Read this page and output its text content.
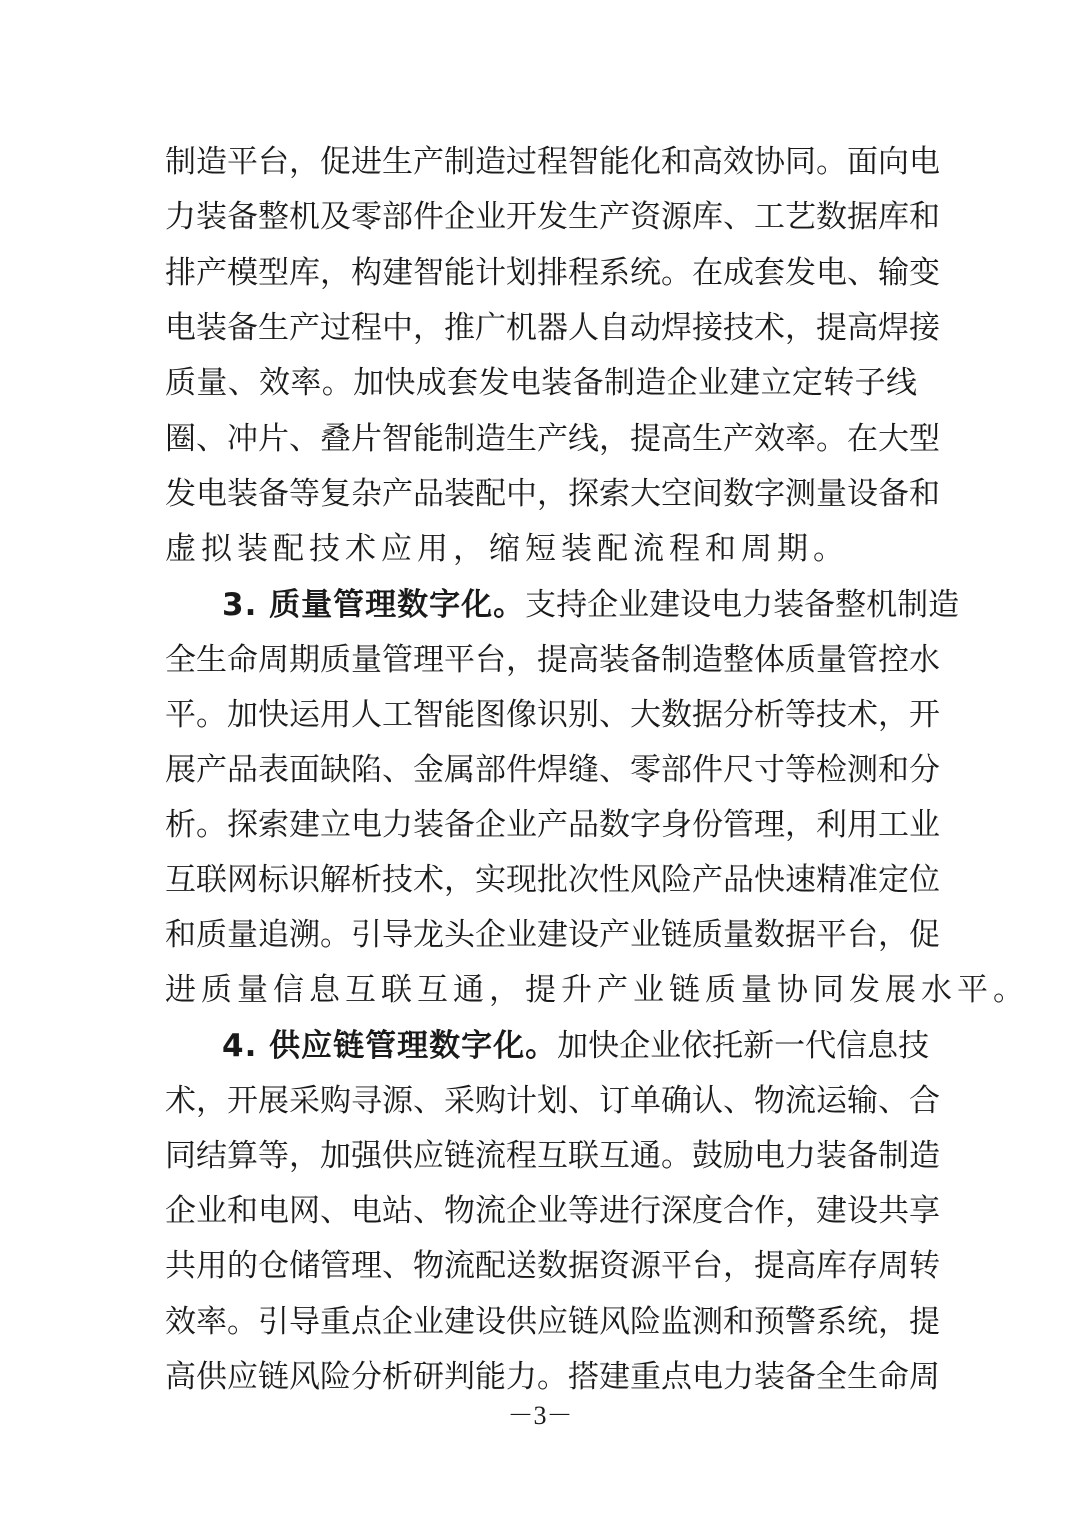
制造平台，促进生产制造过程智能化和高效协同。面向电
力装备整机及零部件企业开发生产资源库、工艺数据库和
排产模型库，构建智能计划排程系统。在成套发电、输变
电装备生产过程中，推广机器人自动焊接技术，提高焊接
质量、效率。加快成套发电装备制造企业建立定转子线
圈、冲片、叠片智能制造生产线，提高生产效率。在大型
发电装备等复杂产品装配中，探索大空间数字测量设备和
虚拟装配技术应用，缩短装配流程和周期。
3. 质量管理数字化。支持企业建设电力装备整机制造
全生命周期质量管理平台，提高装备制造整体质量管控水
平。加快运用人工智能图像识别、大数据分析等技术，开
展产品表面缺陷、金属部件焊缝、零部件尺寸等检测和分
析。探索建立电力装备企业产品数字身份管理，利用工业
互联网标识解析技术，实现批次性风险产品快速精准定位
和质量追溯。引导龙头企业建设产业链质量数据平台，促
进质量信息互联互通，提升产业链质量协同发展水平。
4. 供应链管理数字化。加快企业依托新一代信息技
术，开展采购寻源、采购计划、订单确认、物流运输、合
同结算等，加强供应链流程互联互通。鼓励电力装备制造
企业和电网、电站、物流企业等进行深度合作，建设共享
共用的仓储管理、物流配送数据资源平台，提高库存周转
效率。引导重点企业建设供应链风险监测和预警系统，提
高供应链风险分析研判能力。搭建重点电力装备全生命周
－3－
